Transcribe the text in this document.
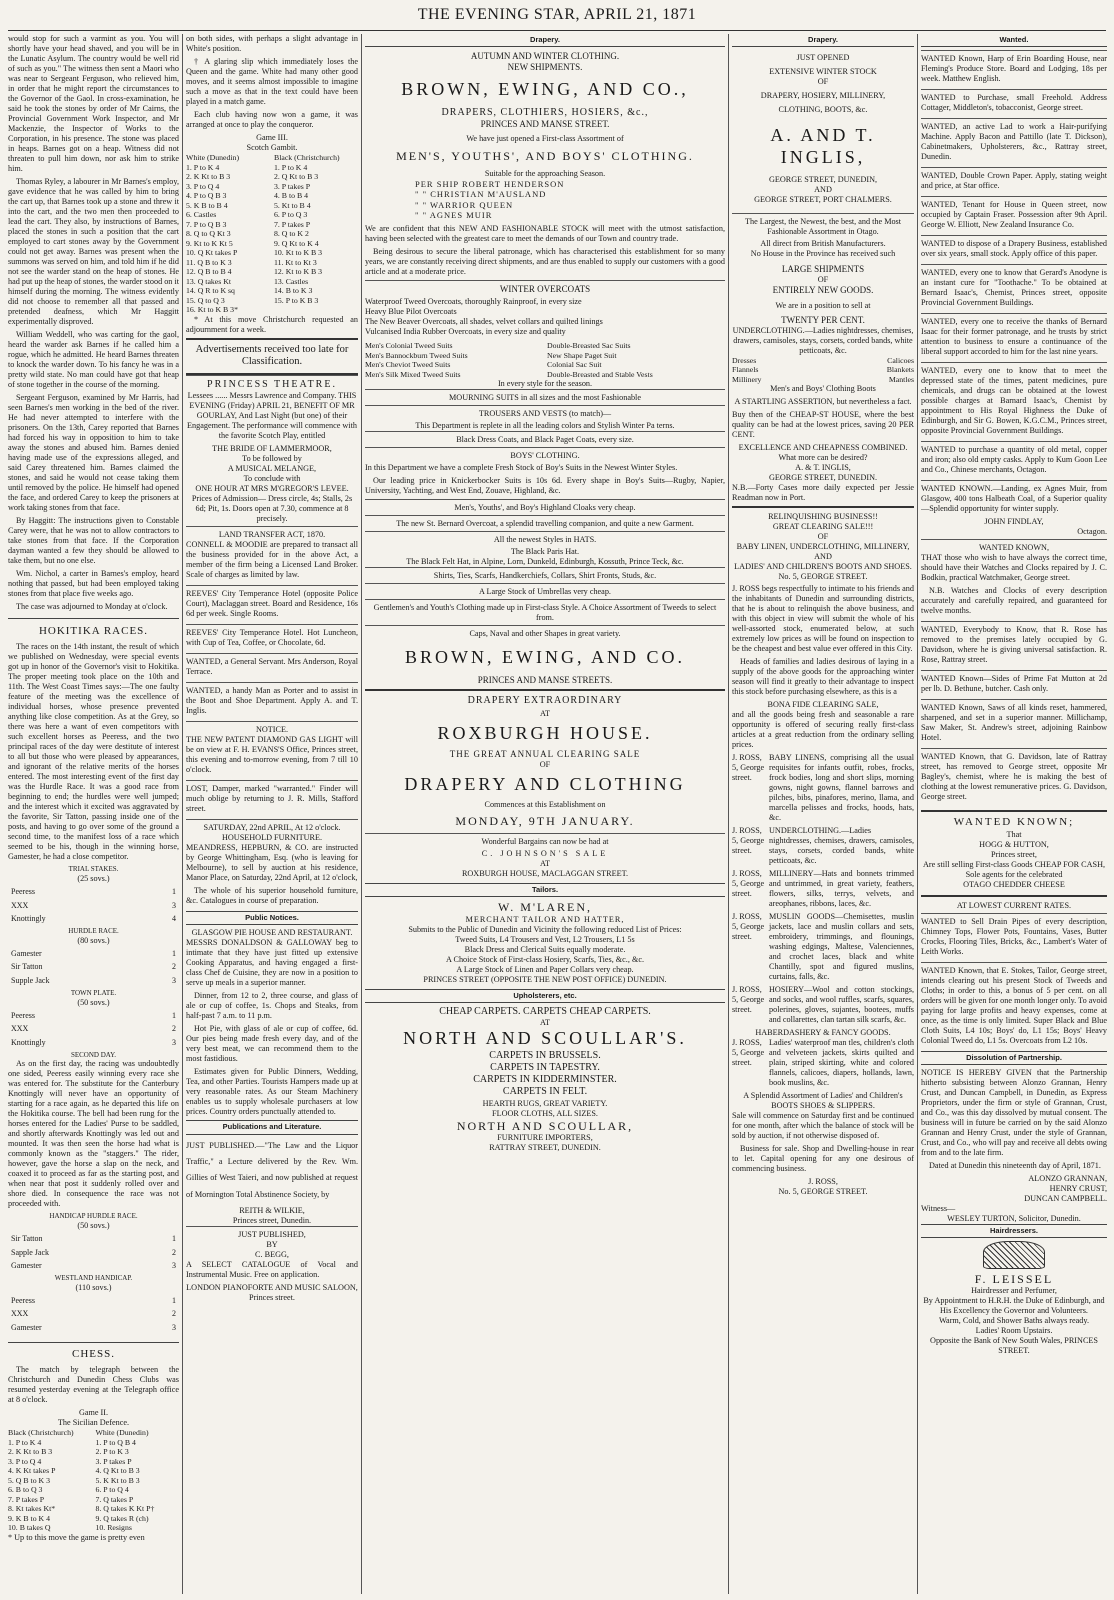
THE EVENING STAR, APRIL 21, 1871

would stop for such a varmint as you. You will shortly have your head shaved, and you will be in the Lunatic Asylum. The country would be well rid of such as you." The witness then sent a Maori who was near to Sergeant Ferguson, who relieved him, in order that he might report the circumstances to the Governor of the Gaol. In cross-examination, he said he took the stones by order of Mr Cairns, the Provincial Government Work Inspector, and Mr Mackenzie, the Inspector of Works to the Corporation, in his presence. The stone was placed in heaps. Barnes got on a heap. Witness did not threaten to pull him down, nor ask him to strike him.

Thomas Ryley, a labourer in Mr Barnes's employ, gave evidence that he was called by him to bring the cart up, that Barnes took up a stone and threw it into the cart, and the two men then proceeded to lead the cart. They also, by instructions of Barnes, placed the stones in such a position that the cart employed to cart stones away by the Government could not get away. Barnes was present when the summons was served on him, and told him if he did not see the warder stand on the heap of stones. He had put up the heap of stones, the warder stood on it himself during the morning. The witness evidently did not choose to remember all that passed and pretended deafness, which Mr Haggitt experimentally disproved.

William Weddell, who was carting for the gaol, heard the warder ask Barnes if he called him a rogue, which he admitted. He heard Barnes threaten to knock the warder down. To his fancy he was in a pretty wild state. No man could have got that heap of stone together in the course of the morning.

Sergeant Ferguson, examined by Mr Harris, had seen Barnes's men working in the bed of the river. He had never attempted to interfere with the prisoners. On the 13th, Carey reported that Barnes had forced his way in opposition to him to take away the stones and abused him. Barnes denied having made use of the expressions alleged, and said Carey threatened him. Barnes claimed the stones, and said he would not cease taking them until removed by the police. He himself had opened the face, and ordered Carey to keep the prisoners at work taking stones from that face.

By Haggitt: The instructions given to Constable Carey were, that he was not to allow contractors to take stones from that face. If the Corporation dayman wanted a few they should be allowed to take them, but no one else.

Wm. Nichol, a carter in Barnes's employ, heard nothing that passed, but had been employed taking stones from that place five weeks ago.

The case was adjourned to Monday at o'clock.

HOKITIKA RACES.

The races on the 14th instant, the result of which we published on Wednesday, were special events got up in honor of the Governor's visit to Hokitika. The proper meeting took place on the 10th and 11th. The West Coast Times says:—The one faulty feature of the meeting was the excellence of individual horses, whose presence prevented anything like close competition. As at the Grey, so there was here a want of even competitors with such excellent horses as Peeress, and the two principal races of the day were destitute of interest to all but those who were pleased by appearances, and ignorant of the relative merits of the horses entered. The most interesting event of the first day was the Hurdle Race. It was a good race from beginning to end; the hurdles were well jumped; and the interest which it excited was aggravated by the favorite, Sir Tatton, passing inside one of the posts, and having to go over some of the ground a second time, to the manifest loss of a race which seemed to be his, though in the winning horse, Gamester, he had a close competitor.

TRIAL STAKES.
(25 sovs.)
Peeress	1
XXX	3
Knottingly	4
HURDLE RACE.
(80 sovs.)
Gamester	1
Sir Tatton	2
Supple Jack	3
TOWN PLATE.
(50 sovs.)
Peeress	1
XXX	2
Knottingly	3
SECOND DAY.

As on the first day, the racing was undoubtedly one sided, Peeress easily winning every race she was entered for. The substitute for the Canterbury Knottingly will never have an opportunity of starting for a race again, as he departed this life on the Hokitika course. The bell had been rung for the horses entered for the Ladies' Purse to be saddled, and shortly afterwards Knottingly was led out and mounted. It was then seen the horse had what is commonly known as the "staggers." The rider, however, gave the horse a slap on the neck, and coaxed it to proceed as far as the starting post, and when near that post it suddenly rolled over and shore died. In consequence the race was not proceeded with.

HANDICAP HURDLE RACE.
(50 sovs.)
Sir Tatton	1
Sapple Jack	2
Gamester	3
WESTLAND HANDICAP.
(110 sovs.)
Peeress	1
XXX	2
Gamester	3
CHESS.

The match by telegraph between the Christchurch and Dunedin Chess Clubs was resumed yesterday evening at the Telegraph office at 8 o'clock.

Game II.
The Sicilian Defence.
Black (Christchurch)
1. P to K 4
2. K Kt to B 3
3. P to Q 4
4. K Kt takes P
5. Q B to K 3
6. B to Q 3
7. P takes P
8. Kt takes Kt*
9. K B to K 4
10. B takes Q
White (Dunedin)
1. P to Q B 4
2. P to K 3
3. P takes P
4. Q Kt to B 3
5. K Kt to B 3
6. P to Q 4
7. Q takes P
8. Q takes K Kt P†
9. Q takes R (ch)
10. Resigns
* Up to this move the game is pretty even

on both sides, with perhaps a slight advantage in White's position.

† A glaring slip which immediately loses the Queen and the game. White had many other good moves, and it seems almost impossible to imagine such a move as that in the text could have been played in a match game.

Each club having now won a game, it was arranged at once to play the conqueror.

Game III.
Scotch Gambit.
White (Dunedin)
1. P to K 4
2. K Kt to B 3
3. P to Q 4
4. P to Q B 3
5. K B to B 4
6. Castles
7. P to Q B 3
8. Q to Q Kt 3
9. Kt to K Kt 5
10. Q Kt takes P
11. Q B to K 3
12. Q B to B 4
13. Q takes Kt
14. Q R to K sq
15. Q to Q 3
16. Kt to K B 3*
Black (Christchurch)
1. P to K 4
2. Q Kt to B 3
3. P takes P
4. B to B 4
5. Kt to B 4
6. P to Q 3
7. P takes P
8. Q to K 2
9. Q Kt to K 4
10. Kt to K B 3
11. Kt to Kt 3
12. Kt to K B 3
13. Castles
14. B to K 3
15. P to K B 3

* At this move Christchurch requested an adjournment for a week.

Advertisements received too late for Classification.
PRINCESS THEATRE.

Lessees ...... Messrs Lawrence and Company. THIS EVENING (Friday) APRIL 21, BENEFIT OF MR GOURLAY, And Last Night (but one) of their Engagement. The performance will commence with the favorite Scotch Play, entitled

THE BRIDE OF LAMMERMOOR,
To be followed by
A MUSICAL MELANGE,
To conclude with
ONE HOUR AT MRS M'GREGOR'S LEVEE.
Prices of Admission— Dress circle, 4s; Stalls, 2s 6d; Pit, 1s. Doors open at 7.30, commence at 8 precisely.
LAND TRANSFER ACT, 1870.

CONNELL & MOODIE are prepared to transact all the business provided for in the above Act, a member of the firm being a Licensed Land Broker. Scale of charges as limited by law.

REEVES' City Temperance Hotel (opposite Police Court), Maclaggan street. Board and Residence, 16s 6d per week. Single Rooms.

REEVES' City Temperance Hotel. Hot Luncheon, with Cup of Tea, Coffee, or Chocolate, 6d.

WANTED, a General Servant. Mrs Anderson, Royal Terrace.

WANTED, a handy Man as Porter and to assist in the Boot and Shoe Department. Apply A. and T. Inglis.

NOTICE.

THE NEW PATENT DIAMOND GAS LIGHT will be on view at F. H. EVANS'S Office, Princes street, this evening and to-morrow evening, from 7 till 10 o'clock.

LOST, Damper, marked "warranted." Finder will much oblige by returning to J. R. Mills, Stafford street.

SATURDAY, 22nd APRIL, At 12 o'clock.
HOUSEHOLD FURNITURE.

MEANDRESS, HEPBURN, & CO. are instructed by George Whittingham, Esq. (who is leaving for Melbourne), to sell by auction at his residence, Manor Place, on Saturday, 22nd April, at 12 o'clock,

The whole of his superior household furniture, &c. Catalogues in course of preparation.

Public Notices.
GLASGOW PIE HOUSE AND RESTAURANT.

MESSRS DONALDSON & GALLOWAY beg to intimate that they have just fitted up extensive Cooking Apparatus, and having engaged a first-class Chef de Cuisine, they are now in a position to serve up meals in a superior manner.

Dinner, from 12 to 2, three course, and glass of ale or cup of coffee, 1s. Chops and Steaks, from half-past 7 a.m. to 11 p.m.

Hot Pie, with glass of ale or cup of coffee, 6d. Our pies being made fresh every day, and of the very best meat, we can recommend them to the most fastidious.

Estimates given for Public Dinners, Wedding, Tea, and other Parties. Tourists Hampers made up at very reasonable rates. As our Steam Machinery enables us to supply wholesale purchasers at low prices. Country orders punctually attended to.

Publications and Literature.

JUST PUBLISHED.—"The Law and the Liquor Traffic," a Lecture delivered by the Rev. Wm. Gillies of West Taieri, and now published at request of Mornington Total Abstinence Society, by

REITH & WILKIE,
Princes street, Dunedin.
JUST PUBLISHED,
BY
C. BEGG,

A SELECT CATALOGUE of Vocal and Instrumental Music. Free on application.

LONDON PIANOFORTE AND MUSIC SALOON,
Princes street.
Drapery.
AUTUMN AND WINTER CLOTHING.
NEW SHIPMENTS.
BROWN, EWING, AND CO.,
DRAPERS, CLOTHIERS, HOSIERS, &c.,
PRINCES AND MANSE STREET.
We have just opened a First-class Assortment of
MEN'S, YOUTHS', AND BOYS' CLOTHING.
Suitable for the approaching Season.
PER SHIP ROBERT HENDERSON
" " CHRISTIAN M'AUSLAND
" " WARRIOR QUEEN
" " AGNES MUIR

We are confident that this NEW AND FASHIONABLE STOCK will meet with the utmost satisfaction, having been selected with the greatest care to meet the demands of our Town and country trade.

Being desirous to secure the liberal patronage, which has characterised this establishment for so many years, we are constantly receiving direct shipments, and are thus enabled to supply our customers with a good article and at a moderate price.

WINTER OVERCOATS
Waterproof Tweed Overcoats, thoroughly Rainproof, in every size
Heavy Blue Pilot Overcoats
The New Beaver Overcoats, all shades, velvet collars and quilted linings
Vulcanised India Rubber Overcoats, in every size and quality
Men's Colonial Tweed Suits
Men's Bannockburn Tweed Suits
Men's Cheviot Tweed Suits
Men's Silk Mixed Tweed Suits
Double-Breasted Sac Suits
New Shape Paget Suit
Colonial Sac Suit
Double-Breasted and Stable Vests
In every style for the season.
MOURNING SUITS in all sizes and the most Fashionable
TROUSERS AND VESTS (to match)—
This Department is replete in all the leading colors and Stylish Winter Pa terns.
Black Dress Coats, and Black Paget Coats, every size.
BOYS' CLOTHING.

In this Department we have a complete Fresh Stock of Boy's Suits in the Newest Winter Styles.

Our leading price in Knickerbocker Suits is 10s 6d. Every shape in Boy's Suits—Rugby, Napier, University, Yachting, and West End, Zouave, Highland, &c.

Men's, Youths', and Boy's Highland Cloaks very cheap.
The new St. Bernard Overcoat, a splendid travelling companion, and quite a new Garment.
All the newest Styles in HATS.
The Black Paris Hat.
The Black Felt Hat, in Alpine, Lorn, Dunkeld, Edinburgh, Kossuth, Prince Teck, &c.
Shirts, Ties, Scarfs, Handkerchiefs, Collars, Shirt Fronts, Studs, &c.
A Large Stock of Umbrellas very cheap.
Gentlemen's and Youth's Clothing made up in First-class Style. A Choice Assortment of Tweeds to select from.
Caps, Naval and other Shapes in great variety.
BROWN, EWING, AND CO.
PRINCES AND MANSE STREETS.
DRAPERY EXTRAORDINARY
AT
ROXBURGH HOUSE.
THE GREAT ANNUAL CLEARING SALE
OF
DRAPERY AND CLOTHING
Commences at this Establishment on
MONDAY, 9TH JANUARY.
Wonderful Bargains can now be had at
C. JOHNSON'S SALE
AT
ROXBURGH HOUSE, MACLAGGAN STREET.
Tailors.
W. M'LAREN,
MERCHANT TAILOR AND HATTER,
Submits to the Public of Dunedin and Vicinity the following reduced List of Prices:
Tweed Suits, L4 Trousers and Vest, L2 Trousers, L1 5s
Black Dress and Clerical Suits equally moderate.
A Choice Stock of First-class Hosiery, Scarfs, Ties, &c., &c.
A Large Stock of Linen and Paper Collars very cheap.
PRINCES STREET (OPPOSITE THE NEW POST OFFICE) DUNEDIN.
Upholsterers, etc.
CHEAP CARPETS. CARPETS CHEAP CARPETS.
AT
NORTH AND SCOULLAR'S.
CARPETS IN BRUSSELS.
CARPETS IN TAPESTRY.
CARPETS IN KIDDERMINSTER.
CARPETS IN FELT.
HEARTH RUGS, GREAT VARIETY.
FLOOR CLOTHS, ALL SIZES.
NORTH AND SCOULLAR,
FURNITURE IMPORTERS,
RATTRAY STREET, DUNEDIN.
Drapery.
JUST OPENED
EXTENSIVE WINTER STOCK
OF
DRAPERY, HOSIERY, MILLINERY,
CLOTHING, BOOTS, &c.
A. AND T. INGLIS,
GEORGE STREET, DUNEDIN,
AND
GEORGE STREET, PORT CHALMERS.
The Largest, the Newest, the best, and the Most Fashionable Assortment in Otago.
All direct from British Manufacturers.
No House in the Province has received such
LARGE SHIPMENTS
OF
ENTIRELY NEW GOODS.
We are in a position to sell at
TWENTY PER CENT.
UNDERCLOTHING.—Ladies nightdresses, chemises, drawers, camisoles, stays, corsets, corded bands, white petticoats, &c.
Dresses
Flannels
Millinery
Calicoes
Blankets
Mantles
Men's and Boys' Clothing Boots
A STARTLING ASSERTION, but nevertheless a fact.

Buy then of the CHEAP-ST HOUSE, where the best quality can be had at the lowest prices, saving 20 PER CENT.

EXCELLENCE AND CHEAPNESS COMBINED.
What more can be desired?
A. & T. INGLIS,
GEORGE STREET, DUNEDIN.

N.B.—Forty Cases more daily expected per Jessie Readman now in Port.

RELINQUISHING BUSINESS!!
GREAT CLEARING SALE!!!
OF
BABY LINEN, UNDERCLOTHING, MILLINERY,
AND
LADIES' AND CHILDREN'S BOOTS AND SHOES.
No. 5, GEORGE STREET.

J. ROSS begs respectfully to intimate to his friends and the inhabitants of Dunedin and surrounding districts, that he is about to relinquish the above business, and with this object in view will submit the whole of his well-assorted stock, enumerated below, at such extremely low prices as will be found on inspection to be the cheapest and best value ever offered in this City.

Heads of families and ladies desirous of laying in a supply of the above goods for the approaching winter season will find it greatly to their advantage to inspect this stock before purchasing elsewhere, as this is a

BONA FIDE CLEARING SALE,

and all the goods being fresh and seasonable a rare opportunity is offered of securing really first-class articles at a great reduction from the ordinary selling prices.

J. ROSS, 5, George street.

BABY LINENS, comprising all the usual requisites for infants outfit, robes, frocks, frock bodies, long and short slips, morning gowns, night gowns, flannel barrows and pilches, bibs, pinafores, merino, llama, and marcella pelisses and frocks, hoods, hats, &c.

J. ROSS, 5, George street.

UNDERCLOTHING.—Ladies nightdresses, chemises, drawers, camisoles, stays, corsets, corded bands, white petticoats, &c.

J. ROSS, 5, George street.

MILLINERY—Hats and bonnets trimmed and untrimmed, in great variety, feathers, flowers, silks, terrys, velvets, and areophanes, ribbons, laces, &c.

J. ROSS, 5, George street.

MUSLIN GOODS—Chemisettes, muslin jackets, lace and muslin collars and sets, embroidery, trimmings, and flounings, washing edgings, Maltese, Valenciennes, and crochet laces, black and white Chantilly, spot and figured muslins, curtains, falls, &c.

J. ROSS, 5, George street.

HOSIERY—Wool and cotton stockings, and socks, and wool ruffles, scarfs, squares, polerines, gloves, sujantes, bootees, muffs and collarettes, clan tartan silk scarfs, &c.

HABERDASHERY & FANCY GOODS.
J. ROSS, 5, George street.

Ladies' waterproof man tles, children's cloth and velveteen jackets, skirts quilted and plain, striped skirting, white and colored flannels, calicoes, diapers, hollands, lawn, book muslins, &c.

A Splendid Assortment of Ladies' and Children's
BOOTS SHOES & SLIPPERS.

Sale will commence on Saturday first and be continued for one month, after which the balance of stock will be sold by auction, if not otherwise disposed of.

Business for sale. Shop and Dwelling-house in rear to let. Capital opening for any one desirous of commencing business.

J. ROSS,
No. 5, GEORGE STREET.
Wanted.

WANTED Known, Harp of Erin Boarding House, near Fleming's Produce Store. Board and Lodging, 18s per week. Matthew English.

WANTED to Purchase, small Freehold. Address Cottager, Middleton's, tobacconist, George street.

WANTED, an active Lad to work a Hair-purifying Machine. Apply Bacon and Pattillo (late T. Dickson), Cabinetmakers, Upholsterers, &c., Rattray street, Dunedin.

WANTED, Double Crown Paper. Apply, stating weight and price, at Star office.

WANTED, Tenant for House in Queen street, now occupied by Captain Fraser. Possession after 9th April. George W. Elliott, New Zealand Insurance Co.

WANTED to dispose of a Drapery Business, established over six years, small stock. Apply office of this paper.

WANTED, every one to know that Gerard's Anodyne is an instant cure for "Toothache." To be obtained at Bernard Isaac's, Chemist, Princes street, opposite Provincial Government Buildings.

WANTED, every one to receive the thanks of Bernard Isaac for their former patronage, and he trusts by strict attention to business to ensure a continuance of the liberal support accorded to him for the last nine years.

WANTED, every one to know that to meet the depressed state of the times, patent medicines, pure chemicals, and drugs can be obtained at the lowest possible charges at Barnard Isaac's, Chemist by appointment to His Royal Highness the Duke of Edinburgh, and Sir G. Bowen, K.G.C.M., Princes street, opposite Provincial Government Buildings.

WANTED to purchase a quantity of old metal, copper and iron; also old empty casks. Apply to Kum Goon Lee and Co., Chinese merchants, Octagon.

WANTED KNOWN.—Landing, ex Agnes Muir, from Glasgow, 400 tons Halbeath Coal, of a Superior quality—Splendid opportunity for winter supply.

JOHN FINDLAY,
Octagon.
WANTED KNOWN,

THAT those who wish to have always the correct time, should have their Watches and Clocks repaired by J. C. Bodkin, practical Watchmaker, George street.

N.B. Watches and Clocks of every description accurately and carefully repaired, and guaranteed for twelve months.

WANTED, Everybody to Know, that R. Rose has removed to the premises lately occupied by G. Davidson, where he is giving universal satisfaction. R. Rose, Rattray street.

WANTED Known—Sides of Prime Fat Mutton at 2d per lb. D. Bethune, butcher. Cash only.

WANTED Known, Saws of all kinds reset, hammered, sharpened, and set in a superior manner. Millichamp, Saw Maker, St. Andrew's street, adjoining Rainbow Hotel.

WANTED Known, that G. Davidson, late of Rattray street, has removed to George street, opposite Mr Bagley's, chemist, where he is making the best of clothing at the lowest remunerative prices. G. Davidson, George street.

WANTED KNOWN;
That
HOGG & HUTTON,
Princes street,
Are still selling First-class Goods CHEAP FOR CASH,
Sole agents for the celebrated
OTAGO CHEDDER CHEESE
AT LOWEST CURRENT RATES.

WANTED to Sell Drain Pipes of every description, Chimney Tops, Flower Pots, Fountains, Vases, Butter Crocks, Flooring Tiles, Bricks, &c., Lambert's Water of Leith Works.

WANTED Known, that E. Stokes, Tailor, George street, intends clearing out his present Stock of Tweeds and Cloths; in order to this, a bonus of 5 per cent. on all orders will be given for one month longer only. To avoid paying for large profits and heavy expenses, come at once, as the time is only limited. Super Black and Blue Cloth Suits, L4 10s; Boys' do, L1 15s; Boys' Heavy Colonial Tweed do, L1 5s. Overcoats from L2 10s.

Dissolution of Partnership.

NOTICE IS HEREBY GIVEN that the Partnership hitherto subsisting between Alonzo Grannan, Henry Crust, and Duncan Campbell, in Dunedin, as Express Proprietors, under the firm or style of Grannan, Crust, and Co., was this day dissolved by mutual consent. The business will in future be carried on by the said Alonzo Grannan and Henry Crust, under the style of Grannan, Crust, and Co., who will pay and receive all debts owing from and to the late firm.

Dated at Dunedin this nineteenth day of April, 1871.

ALONZO GRANNAN,
HENRY CRUST,
DUNCAN CAMPBELL.
Witness—
WESLEY TURTON, Solicitor, Dunedin.
Hairdressers.
F. LEISSEL
Hairdresser and Perfumer,
By Appointment to H.R.H. the Duke of Edinburgh, and His Excellency the Governor and Volunteers.
Warm, Cold, and Shower Baths always ready.
Ladies' Room Upstairs.
Opposite the Bank of New South Wales, PRINCES STREET.
